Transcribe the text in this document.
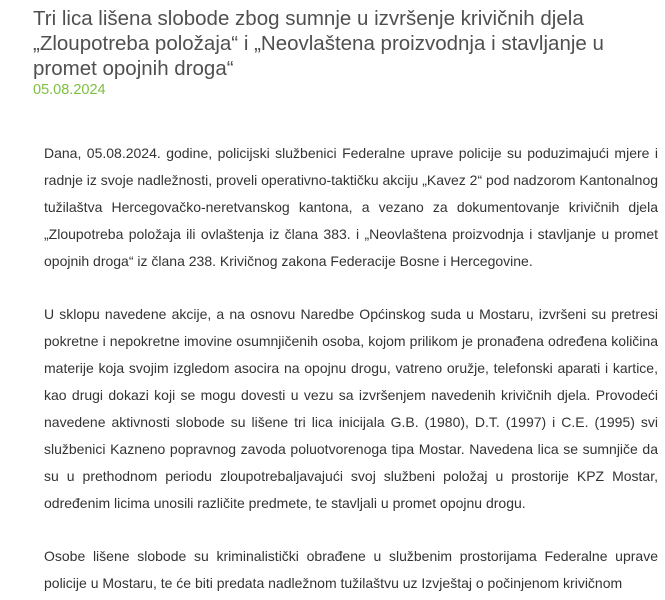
Tri lica lišena slobode zbog sumnje u izvršenje krivičnih djela „Zloupotreba položaja“ i „Neovlaštena proizvodnja i stavljanje u promet opojnih droga“
05.08.2024

Dana, 05.08.2024. godine, policijski službenici Federalne uprave policije su poduzimajući mjere i radnje iz svoje nadležnosti, proveli operativno-taktičku akciju „Kavez 2“ pod nadzorom Kantonalnog tužilaštva Hercegovačko-neretvanskog kantona, a vezano za dokumentovanje krivičnih djela „Zloupotreba položaja ili ovlaštenja iz člana 383. i „Neovlaštena proizvodnja i stavljanje u promet opojnih droga“ iz člana 238. Krivičnog zakona Federacije Bosne i Hercegovine.

U sklopu navedene akcije, a na osnovu Naredbe Općinskog suda u Mostaru, izvršeni su pretresi pokretne i nepokretne imovine osumnjičenih osoba, kojom prilikom je pronađena određena količina materije koja svojim izgledom asocira na opojnu drogu, vatreno oružje, telefonski aparati i kartice, kao drugi dokazi koji se mogu dovesti u vezu sa izvršenjem navedenih krivičnih djela. Provodeći navedene aktivnosti slobode su lišene tri lica inicijala G.B. (1980), D.T. (1997) i C.E. (1995) svi službenici Kazneno popravnog zavoda poluotvorenoga tipa Mostar. Navedena lica se sumnjiče da su u prethodnom periodu zloupotrebaljavajući svoj službeni položaj u prostorije KPZ Mostar, određenim licima unosili različite predmete, te stavljali u promet opojnu drogu.

Osobe lišene slobode su kriminalistički obrađene u službenim prostorijama Federalne uprave policije u Mostaru, te će biti predata nadležnom tužilaštvu uz Izvještaj o počinjenom krivičnom
